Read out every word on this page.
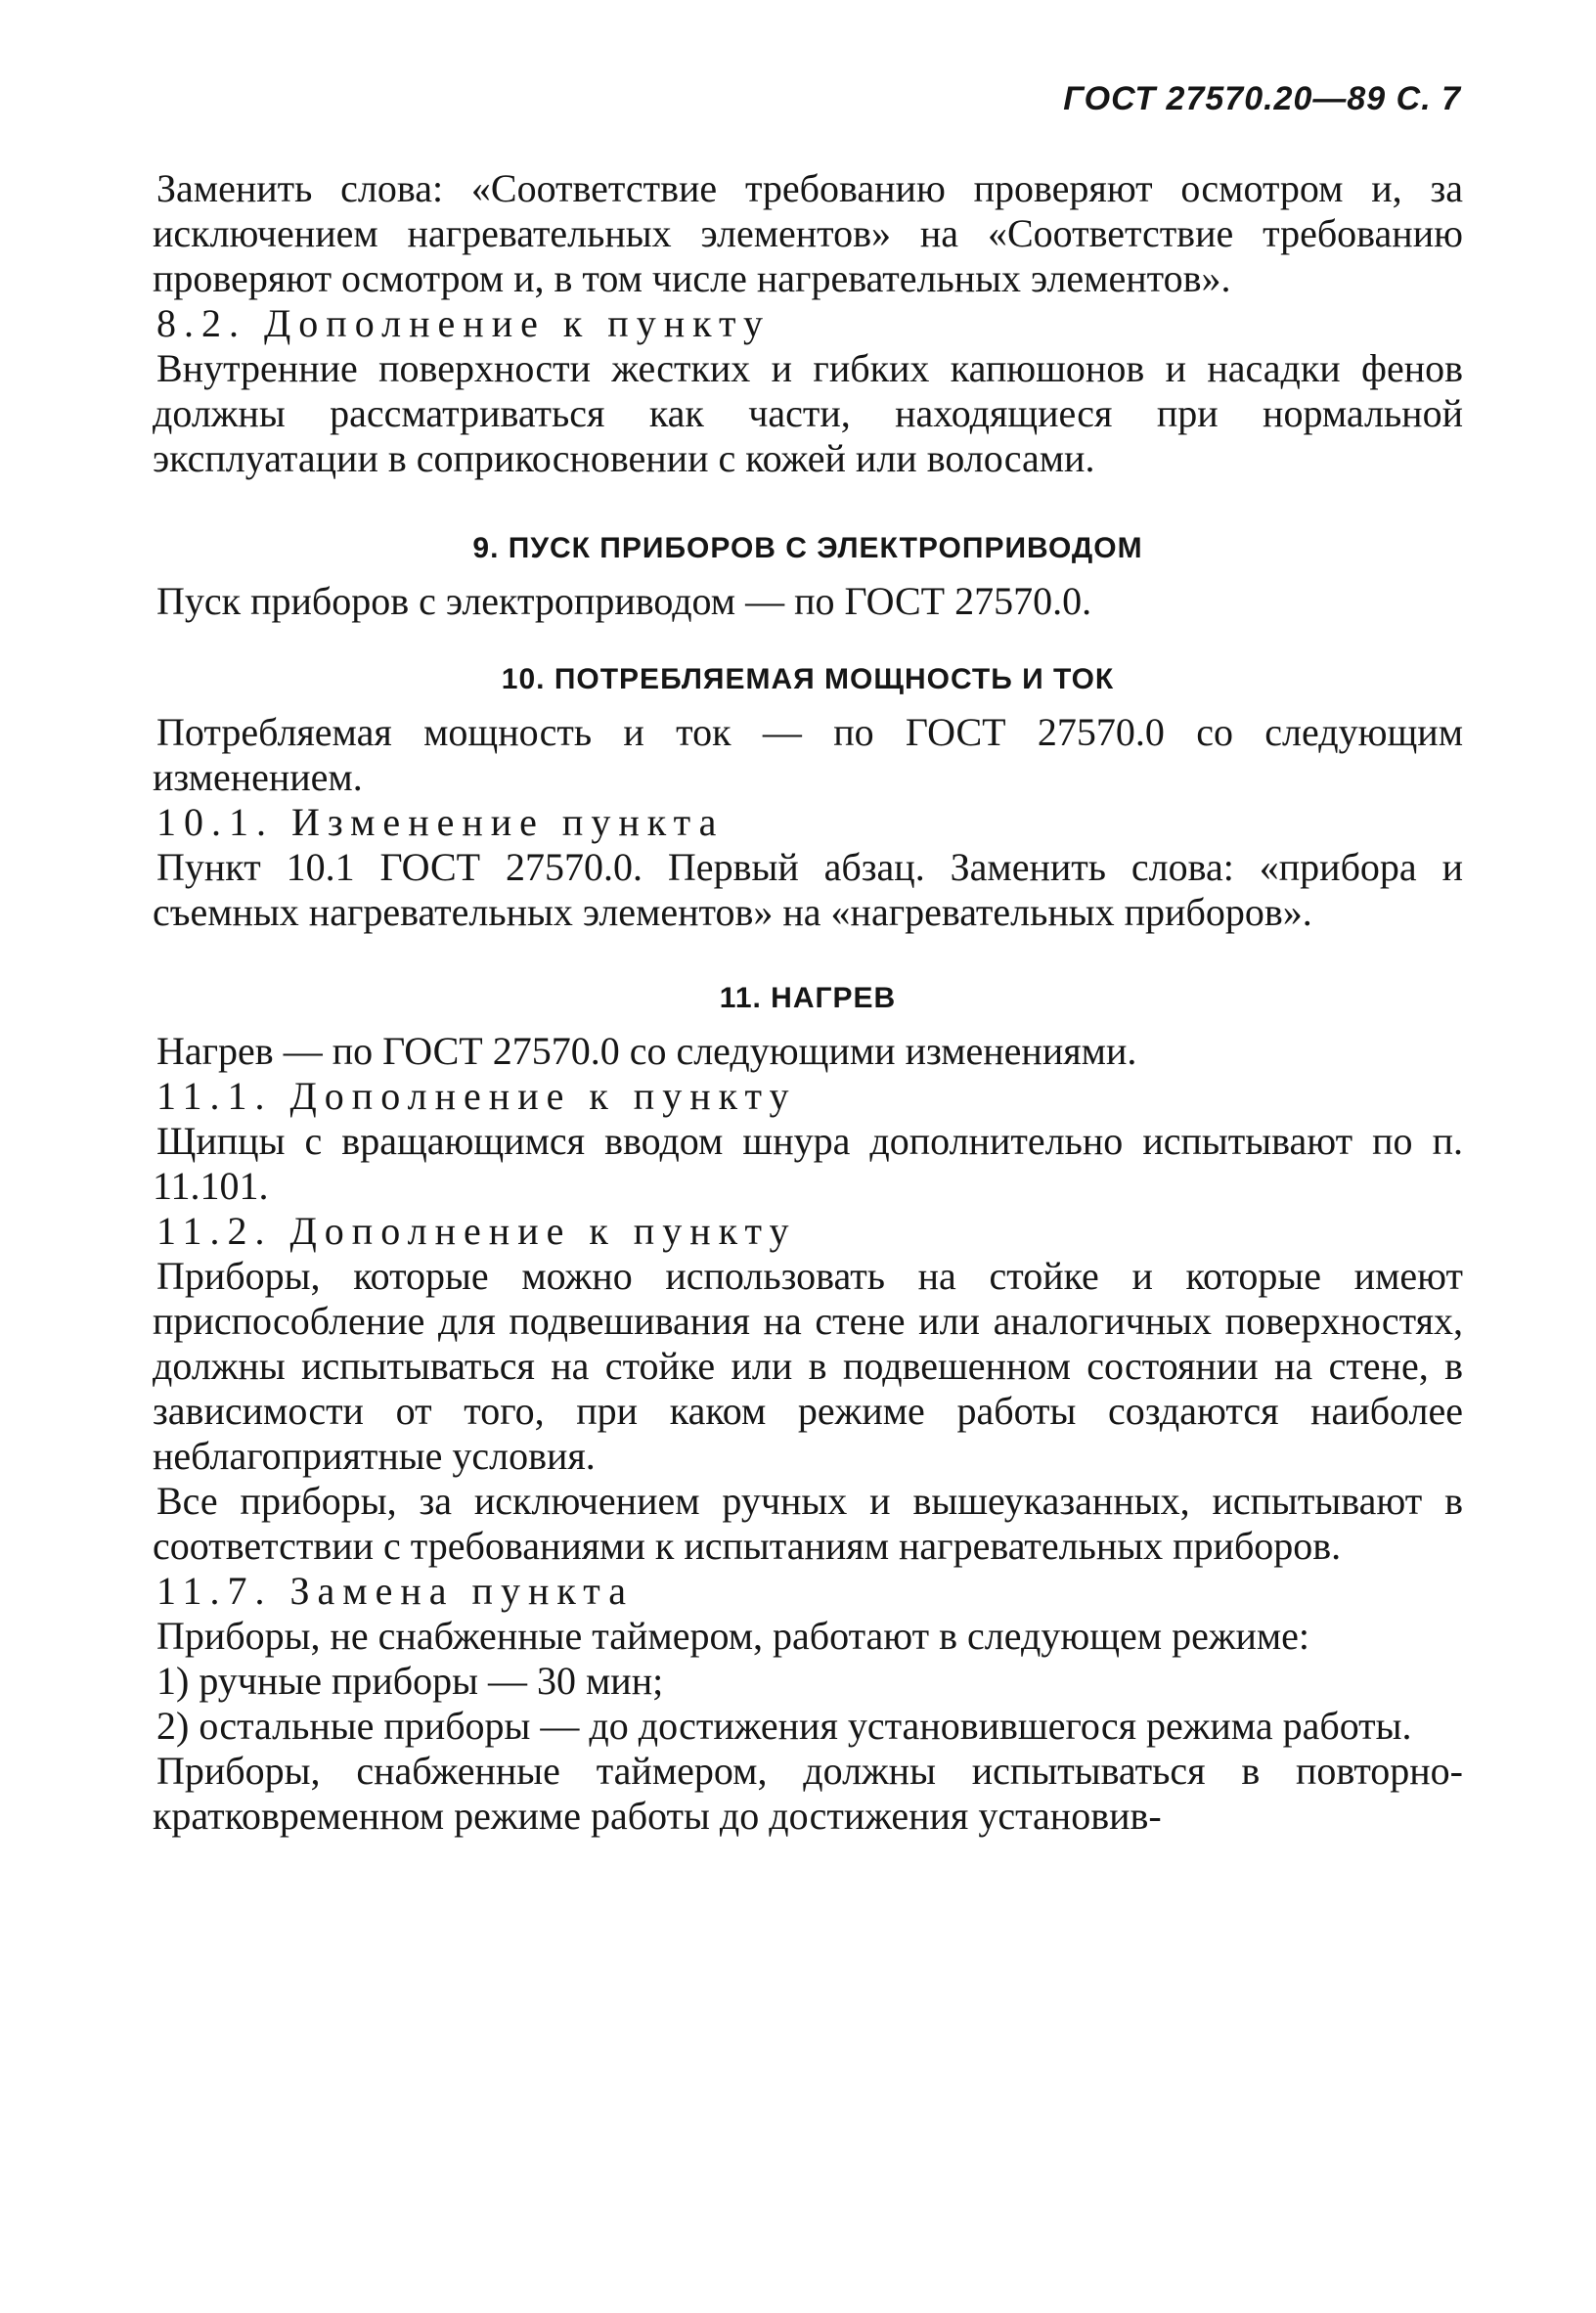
ГОСТ 27570.20—89 С. 7

Заменить слова: «Соответствие требованию проверяют осмотром и, за исключением нагревательных элементов» на «Соответствие требованию проверяют осмотром и, в том числе нагревательных элементов».

8.2. Дополнение к пункту

Внутренние поверхности жестких и гибких капюшонов и насадки фенов должны рассматриваться как части, находящиеся при нормальной эксплуатации в соприкосновении с кожей или волосами.

9. ПУСК ПРИБОРОВ С ЭЛЕКТРОПРИВОДОМ

Пуск приборов с электроприводом — по ГОСТ 27570.0.

10. ПОТРЕБЛЯЕМАЯ МОЩНОСТЬ И ТОК

Потребляемая мощность и ток — по ГОСТ 27570.0 со следующим изменением.

10.1. Изменение пункта

Пункт 10.1 ГОСТ 27570.0. Первый абзац. Заменить слова: «прибора и съемных нагревательных элементов» на «нагревательных приборов».

11. НАГРЕВ

Нагрев — по ГОСТ 27570.0 со следующими изменениями.

11.1. Дополнение к пункту

Щипцы с вращающимся вводом шнура дополнительно испытывают по п. 11.101.

11.2. Дополнение к пункту

Приборы, которые можно использовать на стойке и которые имеют приспособление для подвешивания на стене или аналогичных поверхностях, должны испытываться на стойке или в подвешенном состоянии на стене, в зависимости от того, при каком режиме работы создаются наиболее неблагоприятные условия.

Все приборы, за исключением ручных и вышеуказанных, испытывают в соответствии с требованиями к испытаниям нагревательных приборов.

11.7. Замена пункта

Приборы, не снабженные таймером, работают в следующем режиме:

1) ручные приборы — 30 мин;

2) остальные приборы — до достижения установившегося режима работы.

Приборы, снабженные таймером, должны испытываться в повторно-кратковременном режиме работы до достижения установив-
